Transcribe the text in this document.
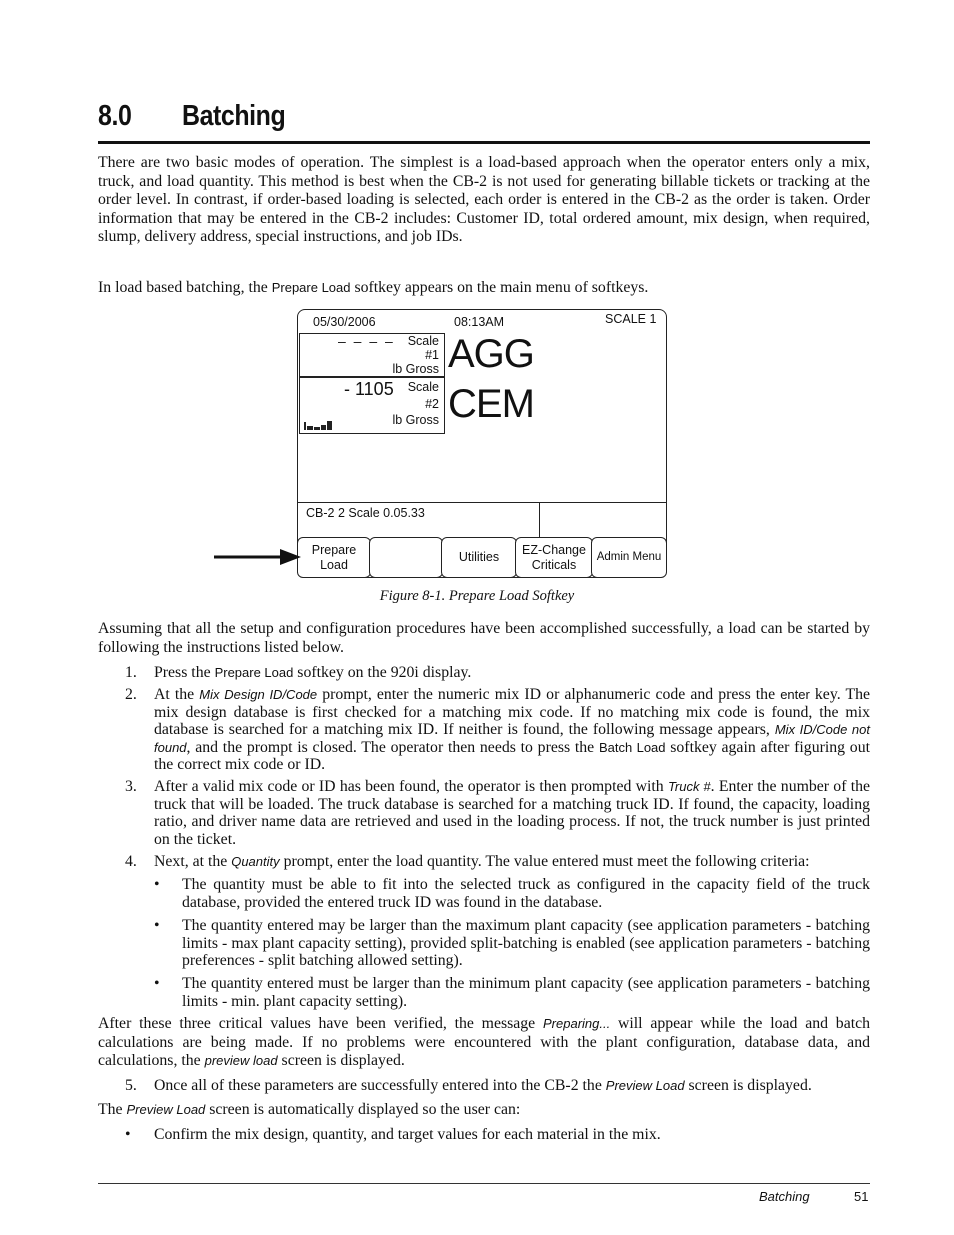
8.0 Batching
There are two basic modes of operation. The simplest is a load-based approach when the operator enters only a mix, truck, and load quantity. This method is best when the CB-2 is not used for generating billable tickets or tracking at the order level. In contrast, if order-based loading is selected, each order is entered in the CB-2 as the order is taken. Order information that may be entered in the CB-2 includes: Customer ID, total ordered amount, mix design, when required, slump, delivery address, special instructions, and job IDs.
In load based batching, the Prepare Load softkey appears on the main menu of softkeys.
05/30/2006	08:13AM	SCALE 1
– – – – Scale
#1
lb Gross
- 1105 Scale
#2
lb Gross
AGG
CEM
CB-2 2 Scale 0.05.33
Prepare Load
Utilities
EZ-Change Criticals
Admin Menu
Figure 8-1. Prepare Load Softkey
Assuming that all the setup and configuration procedures have been accomplished successfully, a load can be started by following the instructions listed below.
1. Press the Prepare Load softkey on the 920i display.
2. At the Mix Design ID/Code prompt, enter the numeric mix ID or alphanumeric code and press the enter key. The mix design database is first checked for a matching mix code. If no matching mix code is found, the mix database is searched for a matching mix ID. If neither is found, the following message appears, Mix ID/Code not found, and the prompt is closed. The operator then needs to press the Batch Load softkey again after figuring out the correct mix code or ID.
3. After a valid mix code or ID has been found, the operator is then prompted with Truck #. Enter the number of the truck that will be loaded. The truck database is searched for a matching truck ID. If found, the capacity, loading ratio, and driver name data are retrieved and used in the loading process. If not, the truck number is just printed on the ticket.
4. Next, at the Quantity prompt, enter the load quantity. The value entered must meet the following criteria:
• The quantity must be able to fit into the selected truck as configured in the capacity field of the truck database, provided the entered truck ID was found in the database.
• The quantity entered may be larger than the maximum plant capacity (see application parameters - batching limits - max plant capacity setting), provided split-batching is enabled (see application parameters - batching preferences - split batching allowed setting).
• The quantity entered must be larger than the minimum plant capacity (see application parameters - batching limits - min. plant capacity setting).
After these three critical values have been verified, the message Preparing... will appear while the load and batch calculations are being made. If no problems were encountered with the plant configuration, database data, and calculations, the preview load screen is displayed.
5. Once all of these parameters are successfully entered into the CB-2 the Preview Load screen is displayed.
The Preview Load screen is automatically displayed so the user can:
• Confirm the mix design, quantity, and target values for each material in the mix.
Batching	51
